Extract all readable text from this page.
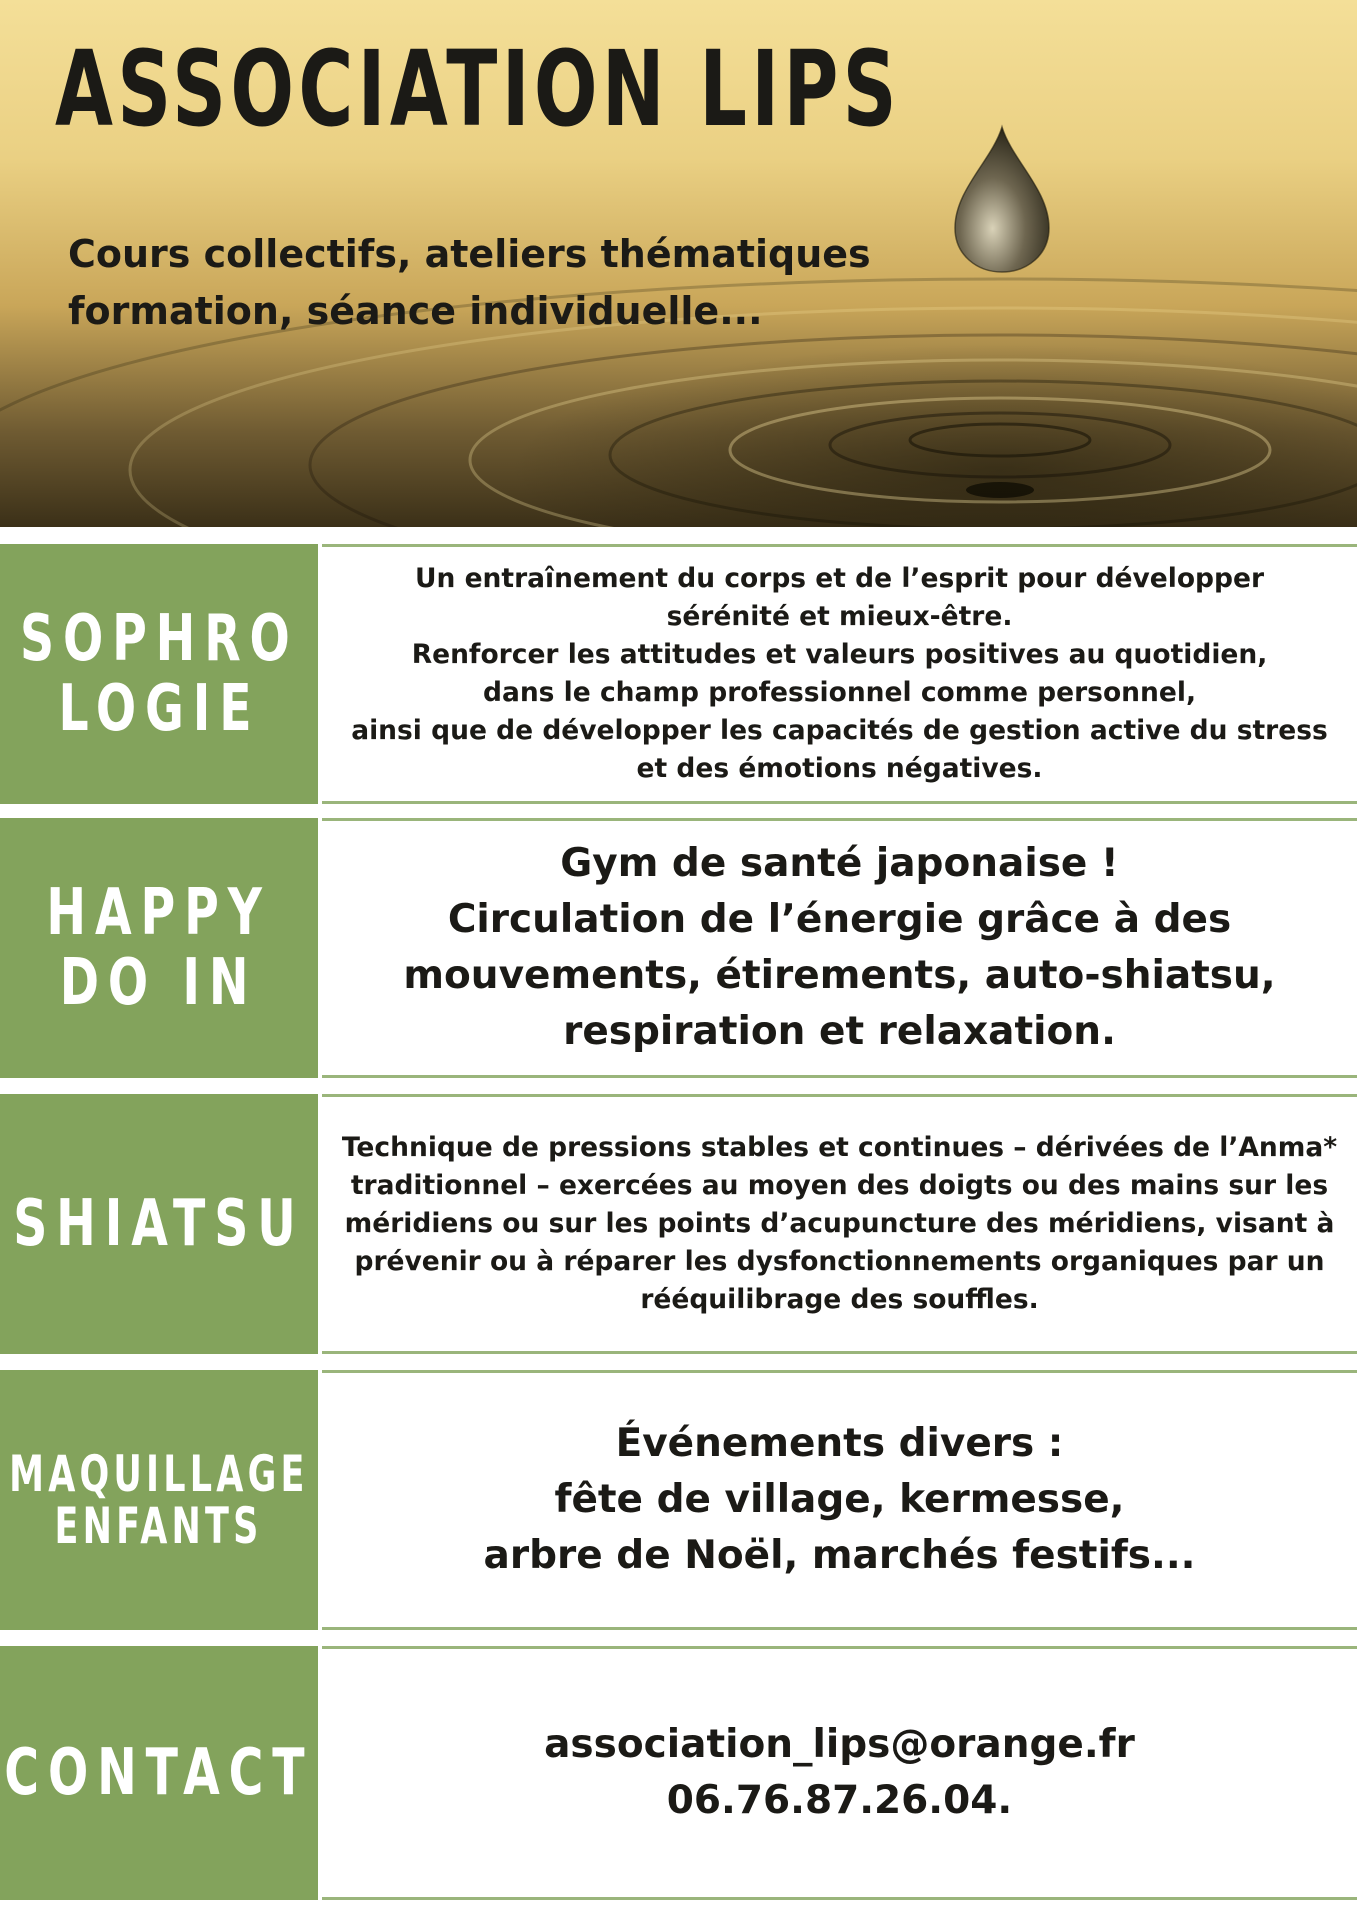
ASSOCIATION LIPS
Cours collectifs, ateliers thématiques
formation, séance individuelle...
SOPHRO
LOGIE
Un entraînement du corps et de l’esprit pour développer
sérénité et mieux-être.
Renforcer les attitudes et valeurs positives au quotidien,
dans le champ professionnel comme personnel,
ainsi que de développer les capacités de gestion active du stress
et des émotions négatives.
HAPPY
DO IN
Gym de santé japonaise !
Circulation de l’énergie grâce à des
mouvements, étirements, auto-shiatsu,
respiration et relaxation.
SHIATSU
Technique de pressions stables et continues – dérivées de l’Anma*
traditionnel – exercées au moyen des doigts ou des mains sur les
méridiens ou sur les points d’acupuncture des méridiens, visant à
prévenir ou à réparer les dysfonctionnements organiques par un
rééquilibrage des souffles.
MAQUILLAGE
ENFANTS
Événements divers :
fête de village, kermesse,
arbre de Noël, marchés festifs...
CONTACT	association_lips@orange.fr
06.76.87.26.04.
